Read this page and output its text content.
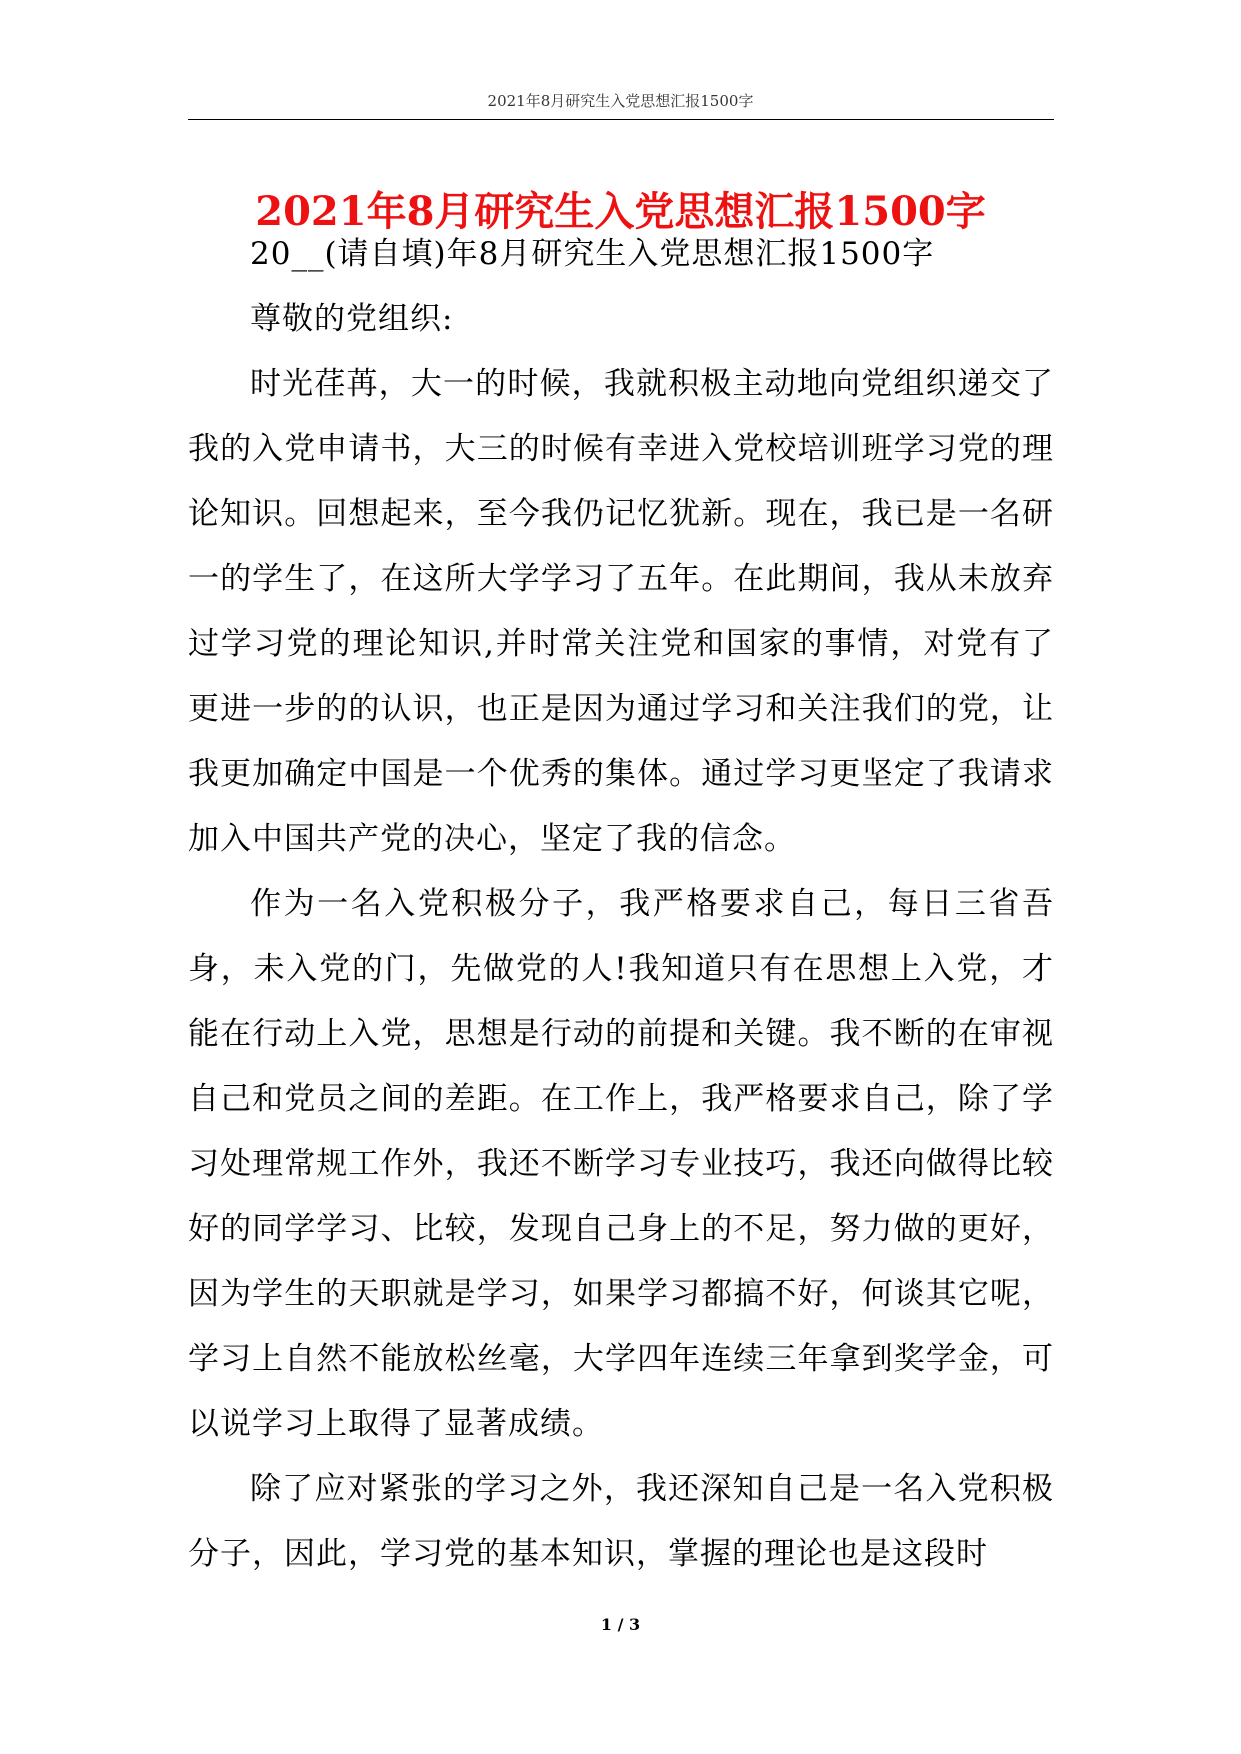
2021年8月研究生入党思想汇报1500字
2021年8月研究生入党思想汇报1500字

20__(请自填)年8月研究生入党思想汇报1500字

尊敬的党组织:

时光荏苒，大一的时候，我就积极主动地向党组织递交了我的入党申请书，大三的时候有幸进入党校培训班学习党的理论知识。回想起来，至今我仍记忆犹新。现在，我已是一名研一的学生了，在这所大学学习了五年。在此期间，我从未放弃过学习党的理论知识,并时常关注党和国家的事情，对党有了更进一步的的认识，也正是因为通过学习和关注我们的党，让我更加确定中国是一个优秀的集体。通过学习更坚定了我请求加入中国共产党的决心，坚定了我的信念。

作为一名入党积极分子，我严格要求自己，每日三省吾身，未入党的门，先做党的人!我知道只有在思想上入党，才能在行动上入党，思想是行动的前提和关键。我不断的在审视自己和党员之间的差距。在工作上，我严格要求自己，除了学习处理常规工作外，我还不断学习专业技巧，我还向做得比较好的同学学习、比较，发现自己身上的不足，努力做的更好，因为学生的天职就是学习，如果学习都搞不好，何谈其它呢，学习上自然不能放松丝毫，大学四年连续三年拿到奖学金，可以说学习上取得了显著成绩。

除了应对紧张的学习之外，我还深知自己是一名入党积极分子，因此，学习党的基本知识，掌握的理论也是这段时

1 / 3
